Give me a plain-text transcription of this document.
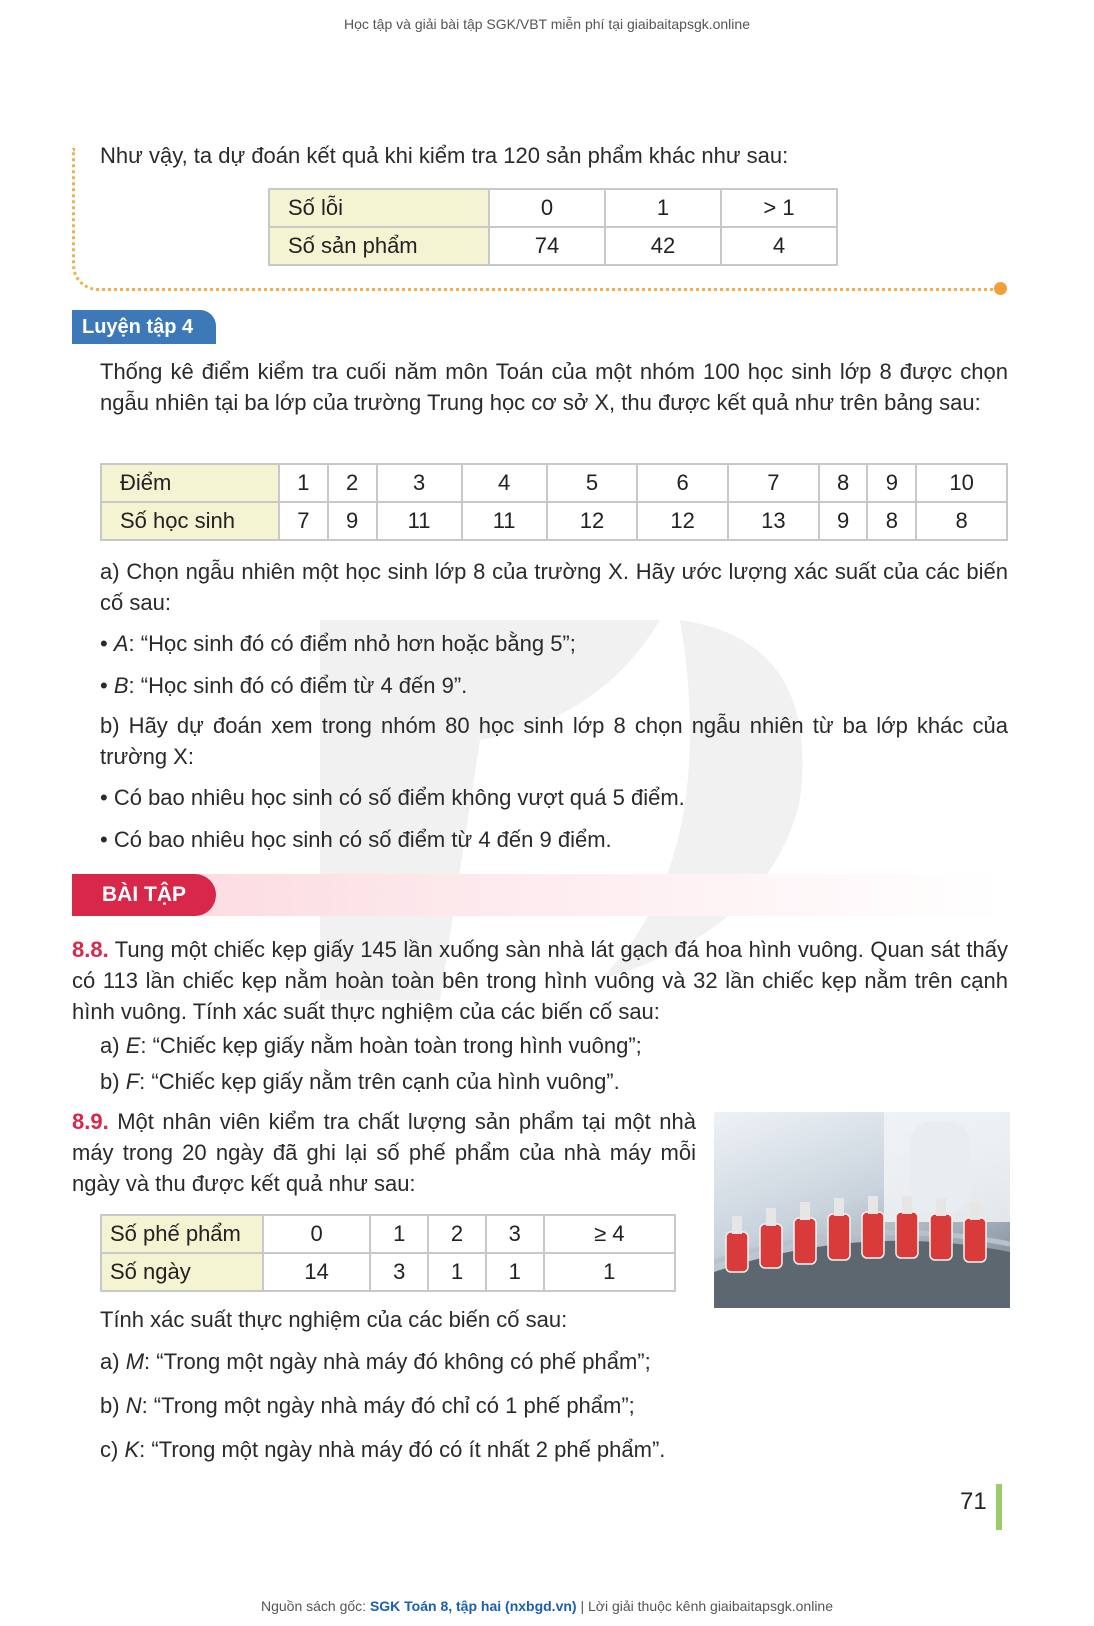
Học tập và giải bài tập SGK/VBT miễn phí tại giaibaitapsgk.online
Như vậy, ta dự đoán kết quả khi kiểm tra 120 sản phẩm khác như sau:
Số lỗi	0	1	> 1
Số sản phẩm	74	42	4
Luyện tập 4
Thống kê điểm kiểm tra cuối năm môn Toán của một nhóm 100 học sinh lớp 8 được chọn ngẫu nhiên tại ba lớp của trường Trung học cơ sở X, thu được kết quả như trên bảng sau:
Điểm	1	2	3	4	5	6	7	8	9	10
Số học sinh	7	9	11	11	12	12	13	9	8	8
a) Chọn ngẫu nhiên một học sinh lớp 8 của trường X. Hãy ước lượng xác suất của các biến cố sau:
• A: “Học sinh đó có điểm nhỏ hơn hoặc bằng 5”;
• B: “Học sinh đó có điểm từ 4 đến 9”.
b) Hãy dự đoán xem trong nhóm 80 học sinh lớp 8 chọn ngẫu nhiên từ ba lớp khác của trường X:
• Có bao nhiêu học sinh có số điểm không vượt quá 5 điểm.
• Có bao nhiêu học sinh có số điểm từ 4 đến 9 điểm.
BÀI TẬP
8.8. Tung một chiếc kẹp giấy 145 lần xuống sàn nhà lát gạch đá hoa hình vuông. Quan sát thấy có 113 lần chiếc kẹp nằm hoàn toàn bên trong hình vuông và 32 lần chiếc kẹp nằm trên cạnh hình vuông. Tính xác suất thực nghiệm của các biến cố sau:
a) E: “Chiếc kẹp giấy nằm hoàn toàn trong hình vuông”;
b) F: “Chiếc kẹp giấy nằm trên cạnh của hình vuông”.
8.9. Một nhân viên kiểm tra chất lượng sản phẩm tại một nhà máy trong 20 ngày đã ghi lại số phế phẩm của nhà máy mỗi ngày và thu được kết quả như sau:
Số phế phẩm	0	1	2	3	≥ 4
Số ngày	14	3	1	1	1
Tính xác suất thực nghiệm của các biến cố sau:
a) M: “Trong một ngày nhà máy đó không có phế phẩm”;
b) N: “Trong một ngày nhà máy đó chỉ có 1 phế phẩm”;
c) K: “Trong một ngày nhà máy đó có ít nhất 2 phế phẩm”.
71
Nguồn sách gốc: SGK Toán 8, tập hai (nxbgd.vn) | Lời giải thuộc kênh giaibaitapsgk.online
